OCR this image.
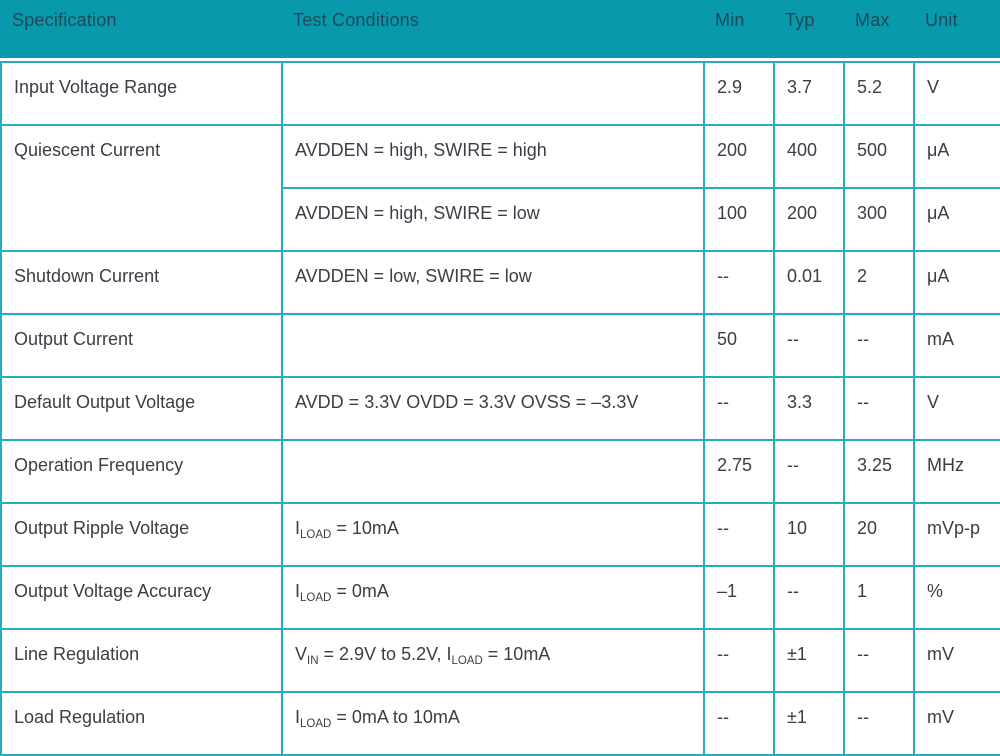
Specification	Test Conditions	Min	Typ	Max	Unit
Input Voltage Range		2.9	3.7	5.2	V
Quiescent Current	AVDDEN = high, SWIRE = high	200	400	500	μA
	AVDDEN = high, SWIRE = low	100	200	300	μA
Shutdown Current	AVDDEN = low, SWIRE = low	--	0.01	2	μA
Output Current		50	--	--	mA
Default Output Voltage	AVDD = 3.3V OVDD = 3.3V OVSS = –3.3V	--	3.3	--	V
Operation Frequency		2.75	--	3.25	MHz
Output Ripple Voltage	$I_{LOAD} = 10mA$	--	10	20	mVp-p
Output Voltage Accuracy	$I_{LOAD} = 0mA$	–1	--	1	%
Line Regulation	$V_{IN} = 2.9V$ to 5.2V, $I_{LOAD} = 10mA$	--	±1	--	mV
Load Regulation	$I_{LOAD} = 0mA$ to 10mA	--	±1	--	mV
